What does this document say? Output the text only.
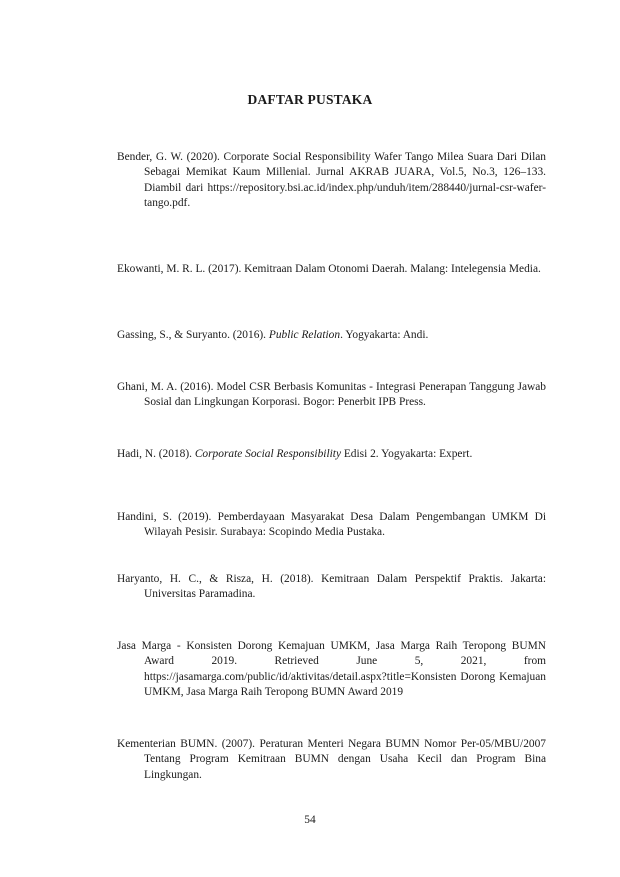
DAFTAR PUSTAKA
Bender, G. W. (2020). Corporate Social Responsibility Wafer Tango Milea Suara Dari Dilan Sebagai Memikat Kaum Millenial. Jurnal AKRAB JUARA, Vol.5, No.3, 126–133. Diambil dari https://repository.bsi.ac.id/index.php/unduh/item/288440/jurnal-csr-wafer-tango.pdf.
Ekowanti, M. R. L. (2017). Kemitraan Dalam Otonomi Daerah. Malang: Intelegensia Media.
Gassing, S., & Suryanto. (2016). Public Relation. Yogyakarta: Andi.
Ghani, M. A. (2016). Model CSR Berbasis Komunitas - Integrasi Penerapan Tanggung Jawab Sosial dan Lingkungan Korporasi. Bogor: Penerbit IPB Press.
Hadi, N. (2018). Corporate Social Responsibility Edisi 2. Yogyakarta: Expert.
Handini, S. (2019). Pemberdayaan Masyarakat Desa Dalam Pengembangan UMKM Di Wilayah Pesisir. Surabaya: Scopindo Media Pustaka.
Haryanto, H. C., & Risza, H. (2018). Kemitraan Dalam Perspektif Praktis. Jakarta: Universitas Paramadina.
Jasa Marga - Konsisten Dorong Kemajuan UMKM, Jasa Marga Raih Teropong BUMN Award 2019. Retrieved June 5, 2021, from https://jasamarga.com/public/id/aktivitas/detail.aspx?title=Konsisten Dorong Kemajuan UMKM, Jasa Marga Raih Teropong BUMN Award 2019
Kementerian BUMN. (2007). Peraturan Menteri Negara BUMN Nomor Per-05/MBU/2007 Tentang Program Kemitraan BUMN dengan Usaha Kecil dan Program Bina Lingkungan.
54
